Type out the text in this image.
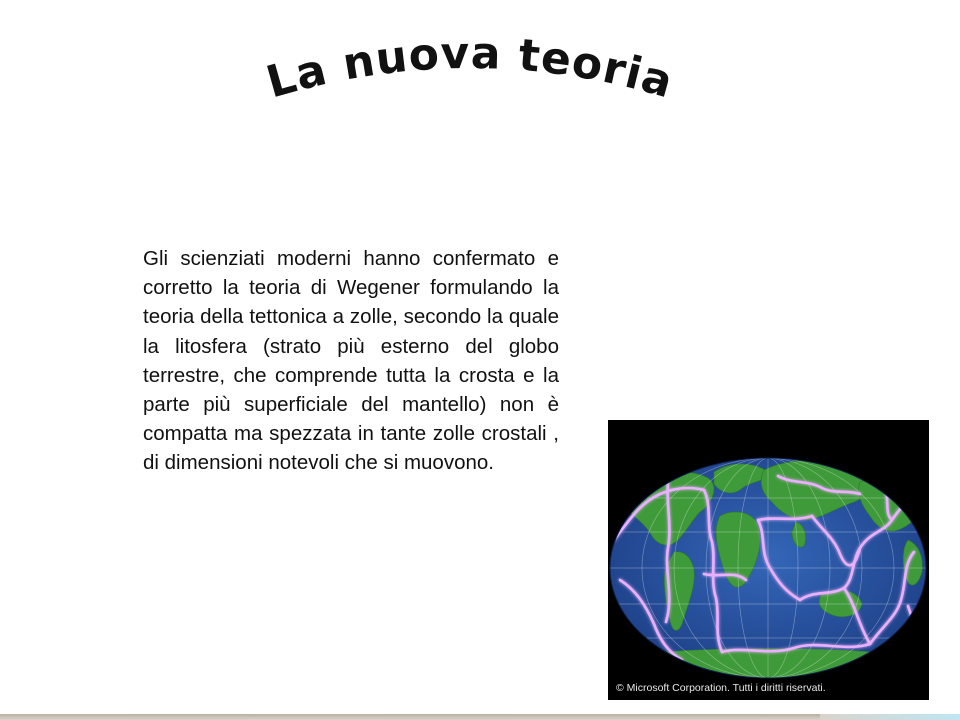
La nuova teoria

Gli scienziati moderni hanno confermato e corretto la teoria di Wegener formulando la teoria della tettonica a zolle, secondo la quale la litosfera (strato più esterno del globo terrestre, che comprende tutta la crosta e la parte più superficiale del mantello) non è compatta ma spezzata in tante zolle crostali , di dimensioni notevoli che si muovono.

© Microsoft Corporation. Tutti i diritti riservati.
